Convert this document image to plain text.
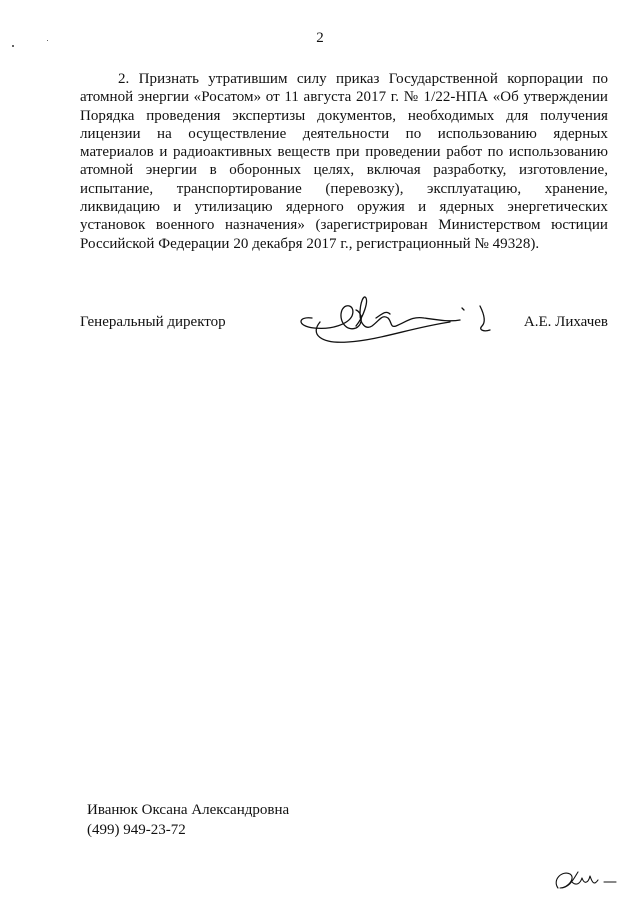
2

2. Признать утратившим силу приказ Государственной корпорации по атомной энергии «Росатом» от 11 августа 2017 г. № 1/22-НПА «Об утверждении Порядка проведения экспертизы документов, необходимых для получения лицензии на осуществление деятельности по использованию ядерных материалов и радиоактивных веществ при проведении работ по использованию атомной энергии в оборонных целях, включая разработку, изготовление, испытание, транспортирование (перевозку), эксплуатацию, хранение, ликвидацию и утилизацию ядерного оружия и ядерных энергетических установок военного назначения» (зарегистрирован Министерством юстиции Российской Федерации 20 декабря 2017 г., регистрационный № 49328).

Генеральный директор	А.Е. Лихачев
Иванюк Оксана Александровна
(499) 949-23-72
